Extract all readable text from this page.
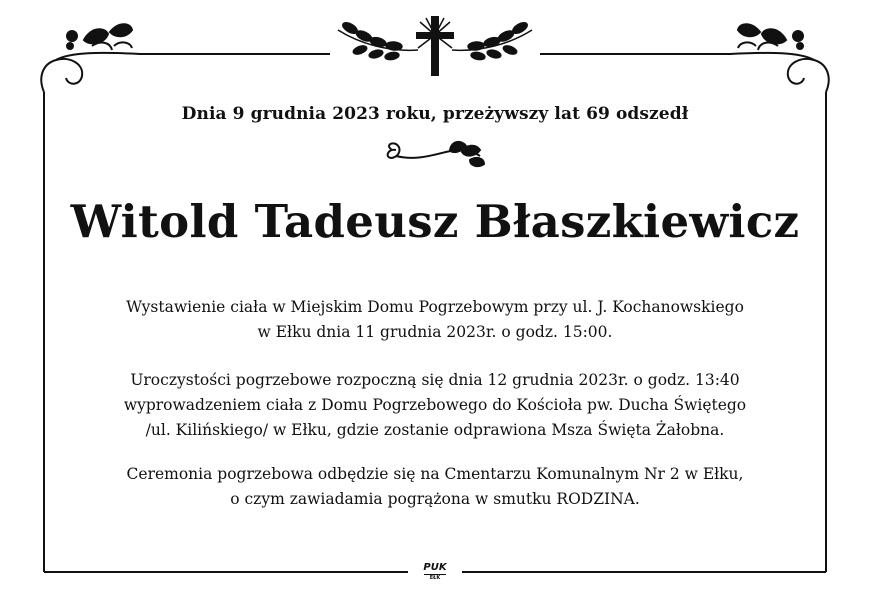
Dnia 9 grudnia 2023 roku, przeżywszy lat 69 odszedł
Witold Tadeusz Błaszkiewicz
Wystawienie ciała w Miejskim Domu Pogrzebowym przy ul. J. Kochanowskiego
w Ełku dnia 11 grudnia 2023r. o godz. 15:00.
Uroczystości pogrzebowe rozpoczną się dnia 12 grudnia 2023r. o godz. 13:40
wyprowadzeniem ciała z Domu Pogrzebowego do Kościoła pw. Ducha Świętego
/ul. Kilińskiego/ w Ełku, gdzie zostanie odprawiona Msza Święta Żałobna.
Ceremonia pogrzebowa odbędzie się na Cmentarzu Komunalnym Nr 2 w Ełku,
o czym zawiadamia pogrążona w smutku RODZINA.
PUK
EŁK
